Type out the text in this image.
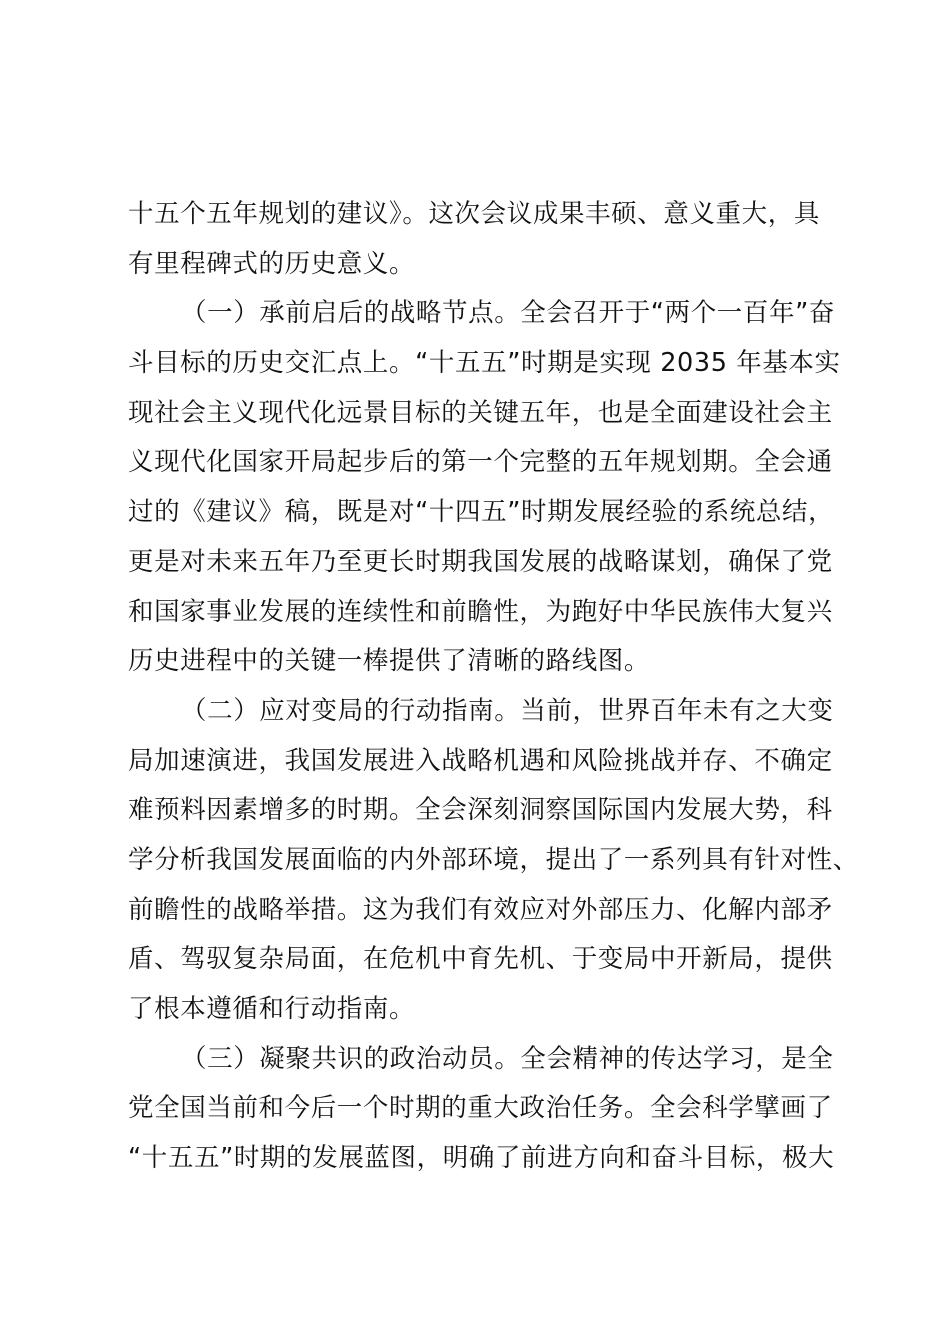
十五个五年规划的建议》。这次会议成果丰硕、意义重大，具
有里程碑式的历史意义。
（一）承前启后的战略节点。全会召开于“两个一百年”奋
斗目标的历史交汇点上。“十五五”时期是实现 2035 年基本实
现社会主义现代化远景目标的关键五年，也是全面建设社会主
义现代化国家开局起步后的第一个完整的五年规划期。全会通
过的《建议》稿，既是对“十四五”时期发展经验的系统总结，
更是对未来五年乃至更长时期我国发展的战略谋划，确保了党
和国家事业发展的连续性和前瞻性，为跑好中华民族伟大复兴
历史进程中的关键一棒提供了清晰的路线图。
（二）应对变局的行动指南。当前，世界百年未有之大变
局加速演进，我国发展进入战略机遇和风险挑战并存、不确定
难预料因素增多的时期。全会深刻洞察国际国内发展大势，科
学分析我国发展面临的内外部环境，提出了一系列具有针对性、
前瞻性的战略举措。这为我们有效应对外部压力、化解内部矛
盾、驾驭复杂局面，在危机中育先机、于变局中开新局，提供
了根本遵循和行动指南。
（三）凝聚共识的政治动员。全会精神的传达学习，是全
党全国当前和今后一个时期的重大政治任务。全会科学擘画了
“十五五”时期的发展蓝图，明确了前进方向和奋斗目标，极大
